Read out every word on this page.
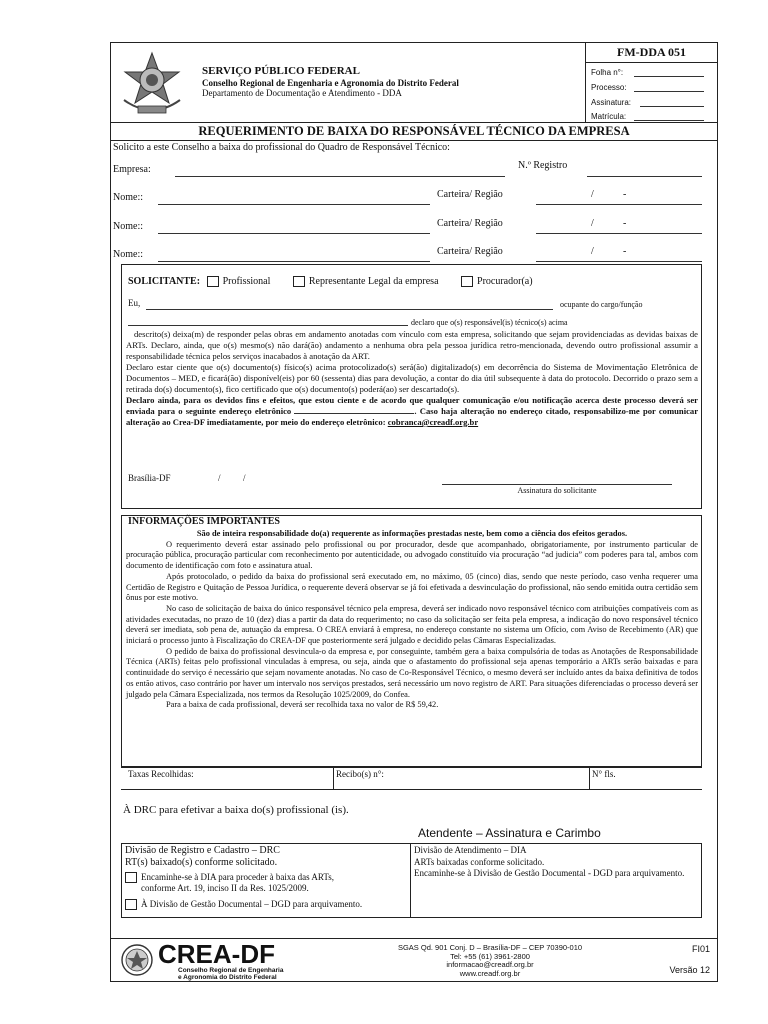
SERVIÇO PÚBLICO FEDERAL
Conselho Regional de Engenharia e Agronomia do Distrito Federal
Departamento de Documentação e Atendimento - DDA
FM-DDA 051
Folha n°:
Processo:
Assinatura:
Matrícula:
REQUERIMENTO DE BAIXA DO RESPONSÁVEL TÉCNICO DA EMPRESA
Solicito a este Conselho a baixa do profissional do Quadro de Responsável Técnico:
Empresa:	N.º Registro
Nome::	Carteira/ Região	/	-
Nome::	Carteira/ Região	/	-
Nome::	Carteira/ Região	/	-
SOLICITANTE: Profissional	Representante Legal da empresa	Procurador(a)
Eu,	ocupante do cargo/função
declaro que o(s) responsável(is) técnico(s) acima
descrito(s) deixa(m) de responder pelas obras em andamento anotadas com vínculo com esta empresa, solicitando que sejam providenciadas as devidas baixas de ARTs. Declaro, ainda, que o(s) mesmo(s) não dará(ão) andamento a nenhuma obra pela pessoa jurídica retro-mencionada, devendo outro profissional assumir a responsabilidade técnica pelos serviços inacabados à anotação da ART.
Declaro estar ciente que o(s) documento(s) físico(s) acima protocolizado(s) será(ão) digitalizado(s) em decorrência do Sistema de Movimentação Eletrônica de Documentos – MED, e ficará(ão) disponível(eis) por 60 (sessenta) dias para devolução, a contar do dia útil subsequente à data do protocolo. Decorrido o prazo sem a retirada do(s) documento(s), fico certificado que o(s) documento(s) poderá(ao) ser descartado(s).
Declaro ainda, para os devidos fins e efeitos, que estou ciente e de acordo que qualquer comunicação e/ou notificação acerca deste processo deverá ser enviada para o seguinte endereço eletrônico	. Caso haja alteração no endereço citado, responsabilizo-me por comunicar alteração ao Crea-DF imediatamente, por meio do endereço eletrônico: cobranca@creadf.org.br
Brasília-DF	/          /
Assinatura do solicitante
INFORMAÇÕES IMPORTANTES
São de inteira responsabilidade do(a) requerente as informações prestadas neste, bem como a ciência dos efeitos gerados.
O requerimento deverá estar assinado pelo profissional ou por procurador, desde que acompanhado, obrigatoriamente, por instrumento particular de procuração pública, procuração particular com reconhecimento por autenticidade, ou advogado constituído via procuração “ad judicia” com poderes para tal, ambos com documento de identificação com foto e assinatura atual.
Após protocolado, o pedido da baixa do profissional será executado em, no máximo, 05 (cinco) dias, sendo que neste período, caso venha requerer uma Certidão de Registro e Quitação de Pessoa Jurídica, o requerente deverá observar se já foi efetivada a desvinculação do profissional, não sendo emitida outra certidão sem ônus por este motivo.
No caso de solicitação de baixa do único responsável técnico pela empresa, deverá ser indicado novo responsável técnico com atribuições compatíveis com as atividades executadas, no prazo de 10 (dez) dias a partir da data do requerimento; no caso da solicitação ser feita pela empresa, a indicação do novo responsável técnico deverá ser imediata, sob pena de, autuação da empresa. O CREA enviará à empresa, no endereço constante no sistema um Ofício, com Aviso de Recebimento (AR) que iniciará o processo junto à Fiscalização do CREA-DF que posteriormente será julgado e decidido pelas Câmaras Especializadas.
O pedido de baixa do profissional desvincula-o da empresa e, por conseguinte, também gera a baixa compulsória de todas as Anotações de Responsabilidade Técnica (ARTs) feitas pelo profissional vinculadas à empresa, ou seja, ainda que o afastamento do profissional seja apenas temporário a ARTs serão baixadas e para continuidade do serviço é necessário que sejam novamente anotadas. No caso de Co-Responsável Técnico, o mesmo deverá ser incluído antes da baixa definitiva de todos os então ativos, caso contrário por haver um intervalo nos serviços prestados, será necessário um novo registro de ART. Para situações diferenciadas o processo deverá ser julgado pela Câmara Especializada, nos termos da Resolução 1025/2009, do Confea.
Para a baixa de cada profissional, deverá ser recolhida taxa no valor de R$ 59,42.
Taxas Recolhidas:	Recibo(s) n°:	N° fls.
À DRC para efetivar a baixa do(s) profissional (is).
Atendente – Assinatura e Carimbo
Divisão de Registro e Cadastro – DRC
RT(s) baixado(s) conforme solicitado.
Encaminhe-se à DIA para proceder à baixa das ARTs,
conforme Art. 19, inciso II da Res. 1025/2009.
À Divisão de Gestão Documental – DGD para arquivamento.
Divisão de Atendimento – DIA
ARTs baixadas conforme solicitado.
Encaminhe-se à Divisão de Gestão Documental - DGD para arquivamento.
CREA-DF
Conselho Regional de Engenharia
e Agronomia do Distrito Federal
SGAS Qd. 901 Conj. D – Brasília-DF – CEP 70390-010
Tel: +55 (61) 3961-2800
informacao@creadf.org.br
www.creadf.org.br
FI01
Versão 12
